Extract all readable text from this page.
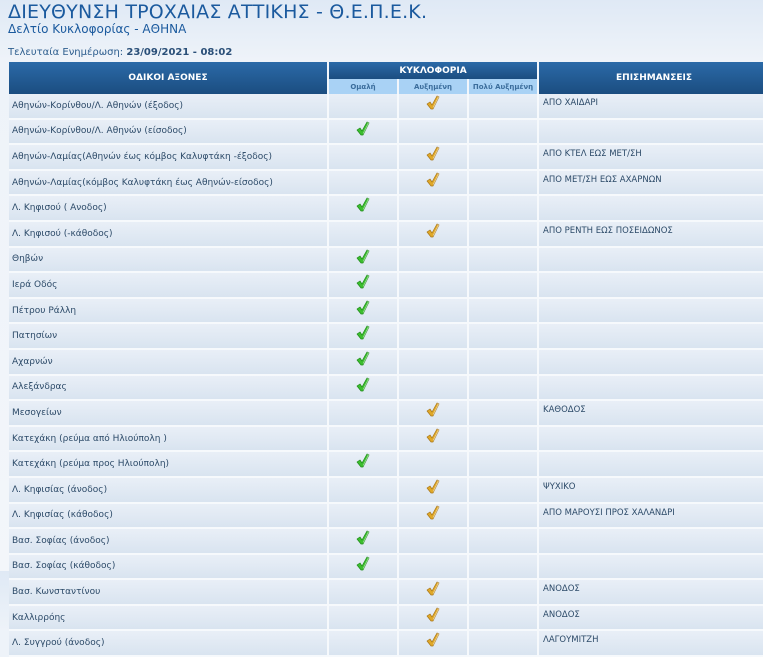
ΔΙΕΥΘΥΝΣΗ ΤΡΟΧΑΙΑΣ ΑΤΤΙΚΗΣ - Θ.Ε.Π.Ε.Κ.
Δελτίο Κυκλοφορίας - ΑΘΗΝΑ
Τελευταία Ενημέρωση: 23/09/2021 - 08:02
ΟΔΙΚΟΙ ΑΞΟΝΕΣ	ΚΥΚΛΟΦΟΡΙΑ			ΕΠΙΣΗΜΑΝΣΕΙΣ
	Ομαλή	Αυξημένη	Πολύ Αυξημένη	
Αθηνών-Κορίνθου/Λ. Αθηνών (έξοδος)				ΑΠΟ ΧΑΙΔΑΡΙ
Αθηνών-Κορίνθου/Λ. Αθηνών (είσοδος)				
Αθηνών-Λαμίας(Αθηνών έως κόμβος Καλυφτάκη -έξοδος)				ΑΠΟ ΚΤΕΛ ΕΩΣ ΜΕΤ/ΣΗ
Αθηνών-Λαμίας(κόμβος Καλυφτάκη έως Αθηνών-είσοδος)				ΑΠΟ ΜΕΤ/ΣΗ ΕΩΣ ΑΧΑΡΝΩΝ
Λ. Κηφισού ( Ανοδος)				
Λ. Κηφισού (-κάθοδος)				ΑΠΟ ΡΕΝΤΗ ΕΩΣ ΠΟΣΕΙΔΩΝΟΣ
Θηβών				
Ιερά Οδός				
Πέτρου Ράλλη				
Πατησίων				
Αχαρνών				
Αλεξάνδρας				
Μεσογείων				ΚΑΘΟΔΟΣ
Κατεχάκη (ρεύμα από Ηλιούπολη )				
Κατεχάκη (ρεύμα προς Ηλιούπολη)				
Λ. Κηφισίας (άνοδος)				ΨΥΧΙΚΟ
Λ. Κηφισίας (κάθοδος)				ΑΠΟ ΜΑΡΟΥΣΙ ΠΡΟΣ ΧΑΛΑΝΔΡΙ
Βασ. Σοφίας (άνοδος)				
Βασ. Σοφίας (κάθοδος)				
Βασ. Κωνσταντίνου				ΑΝΟΔΟΣ
Καλλιρρόης				ΑΝΟΔΟΣ
Λ. Συγγρού (άνοδος)				ΛΑΓΟΥΜΙΤΖΗ
